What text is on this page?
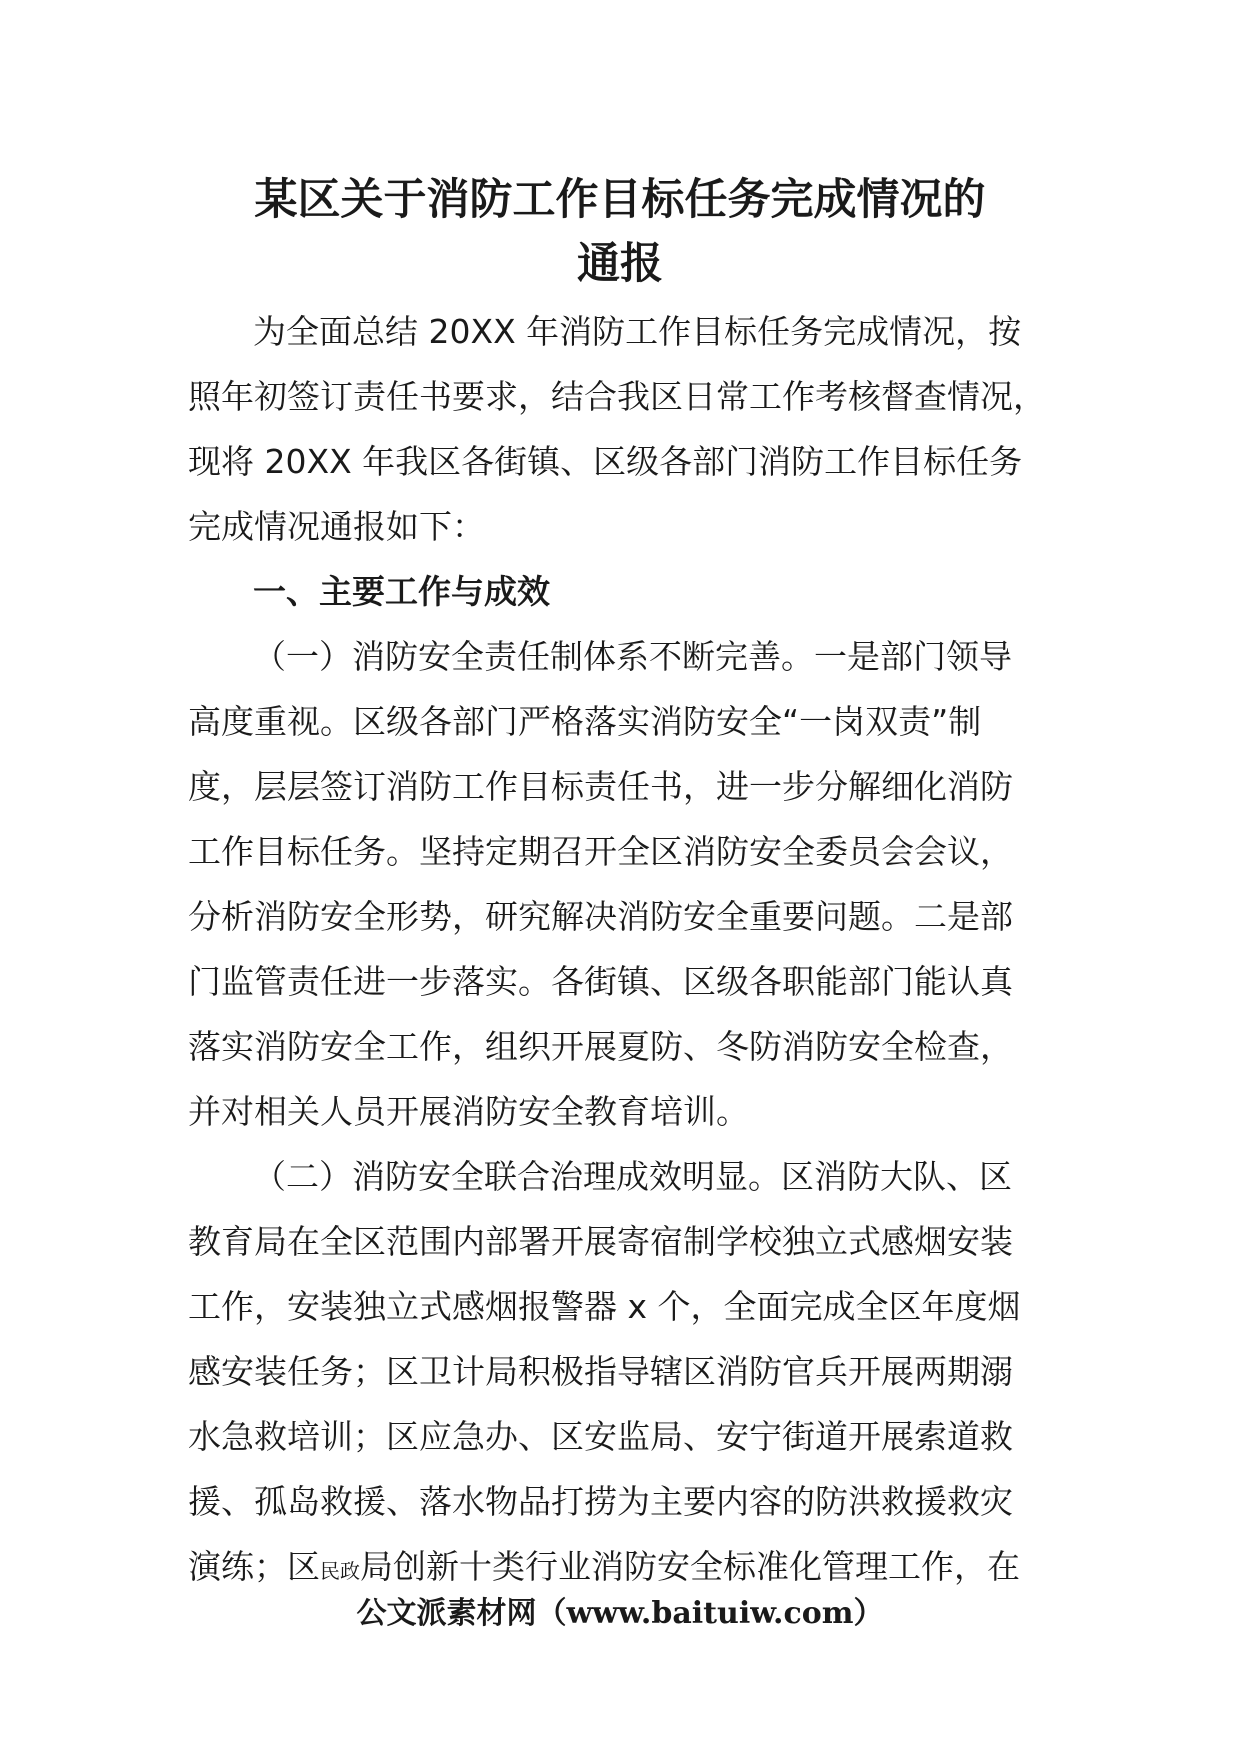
某区关于消防工作目标任务完成情况的
通报
为全面总结 20XX 年消防工作目标任务完成情况，按
照年初签订责任书要求，结合我区日常工作考核督查情况，
现将 20XX 年我区各街镇、区级各部门消防工作目标任务
完成情况通报如下：
一、主要工作与成效
（一）消防安全责任制体系不断完善。一是部门领导
高度重视。区级各部门严格落实消防安全“一岗双责”制
度，层层签订消防工作目标责任书，进一步分解细化消防
工作目标任务。坚持定期召开全区消防安全委员会会议，
分析消防安全形势，研究解决消防安全重要问题。二是部
门监管责任进一步落实。各街镇、区级各职能部门能认真
落实消防安全工作，组织开展夏防、冬防消防安全检查，
并对相关人员开展消防安全教育培训。
（二）消防安全联合治理成效明显。区消防大队、区
教育局在全区范围内部署开展寄宿制学校独立式感烟安装
工作，安装独立式感烟报警器 x 个，全面完成全区年度烟
感安装任务；区卫计局积极指导辖区消防官兵开展两期溺
水急救培训；区应急办、区安监局、安宁街道开展索道救
援、孤岛救援、落水物品打捞为主要内容的防洪救援救灾
演练；区民政局创新十类行业消防安全标准化管理工作，在
公文派素材网（www.baituiw.com）
